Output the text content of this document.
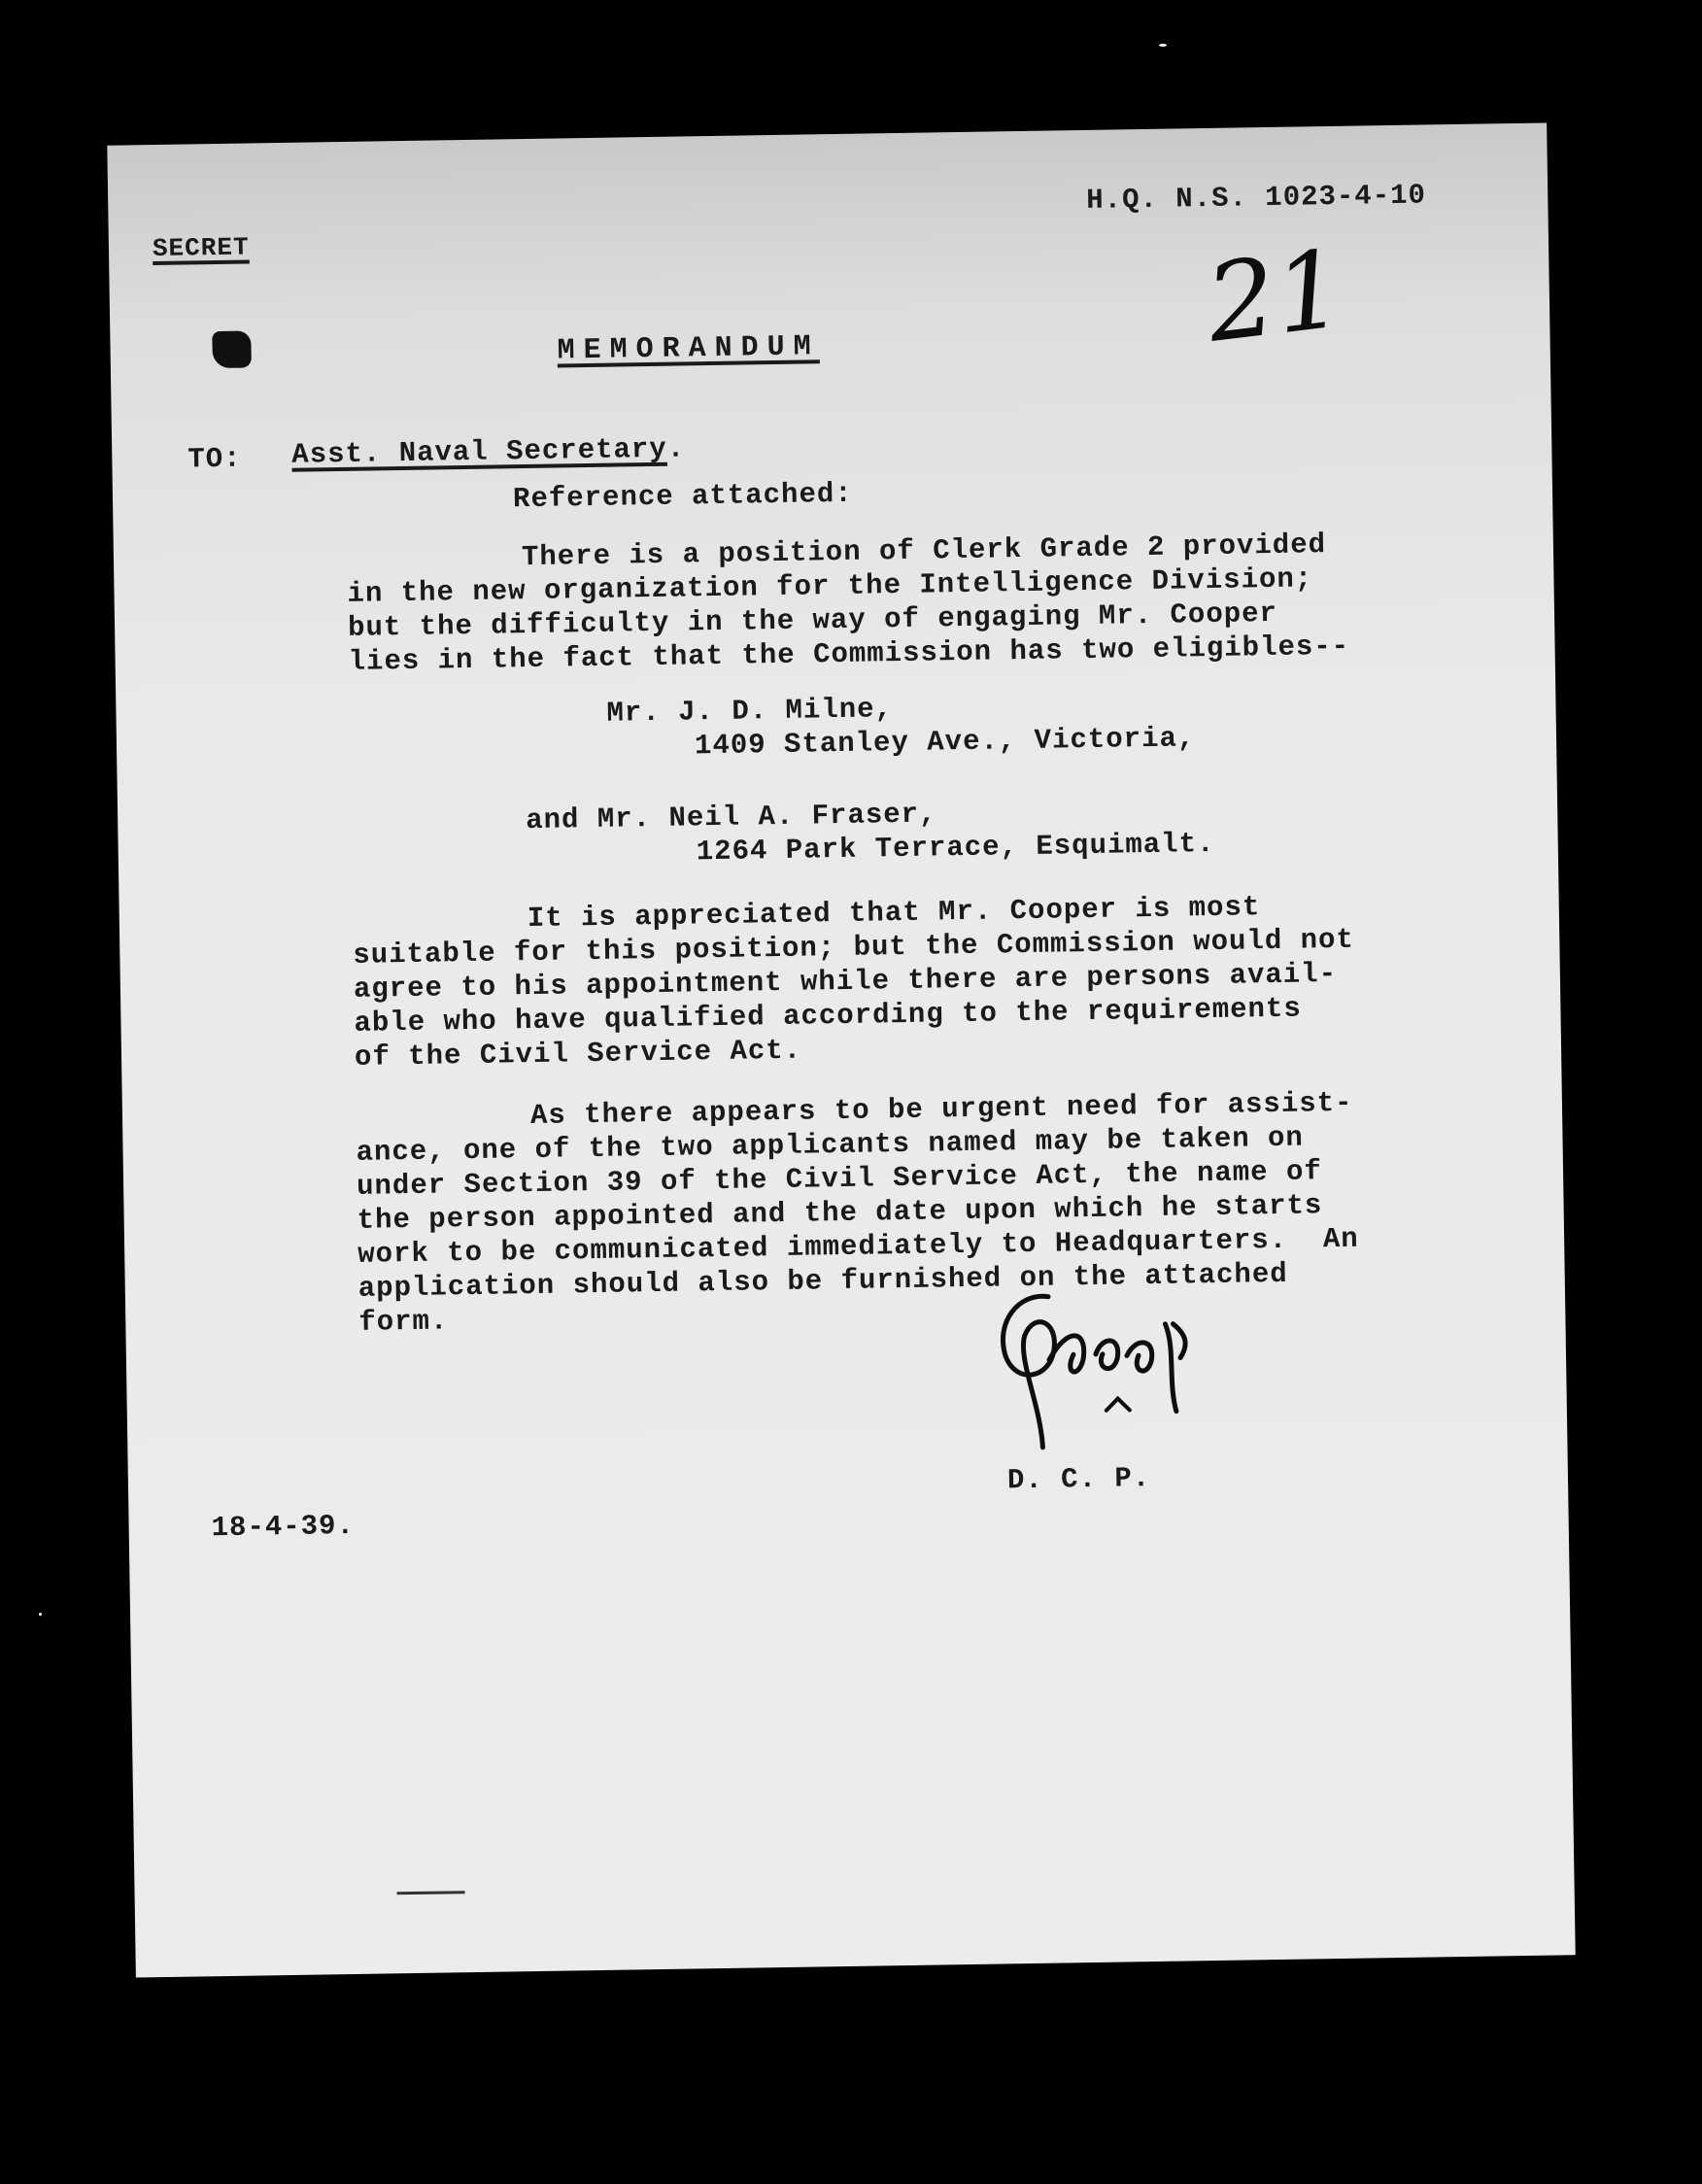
SECRET
H.Q. N.S. 1023-4-10
21
MEMORANDUM
TO: Asst. Naval Secretary.
Reference attached:
There is a position of Clerk Grade 2 provided
in the new organization for the Intelligence Division;
but the difficulty in the way of engaging Mr. Cooper
lies in the fact that the Commission has two eligibles--
Mr. J. D. Milne,
1409 Stanley Ave., Victoria,
and Mr. Neil A. Fraser,
1264 Park Terrace, Esquimalt.
It is appreciated that Mr. Cooper is most
suitable for this position; but the Commission would not
agree to his appointment while there are persons avail-
able who have qualified according to the requirements
of the Civil Service Act.
As there appears to be urgent need for assist-
ance, one of the two applicants named may be taken on
under Section 39 of the Civil Service Act, the name of
the person appointed and the date upon which he starts
work to be communicated immediately to Headquarters.  An
application should also be furnished on the attached
form.
D. C. P.
18-4-39.
